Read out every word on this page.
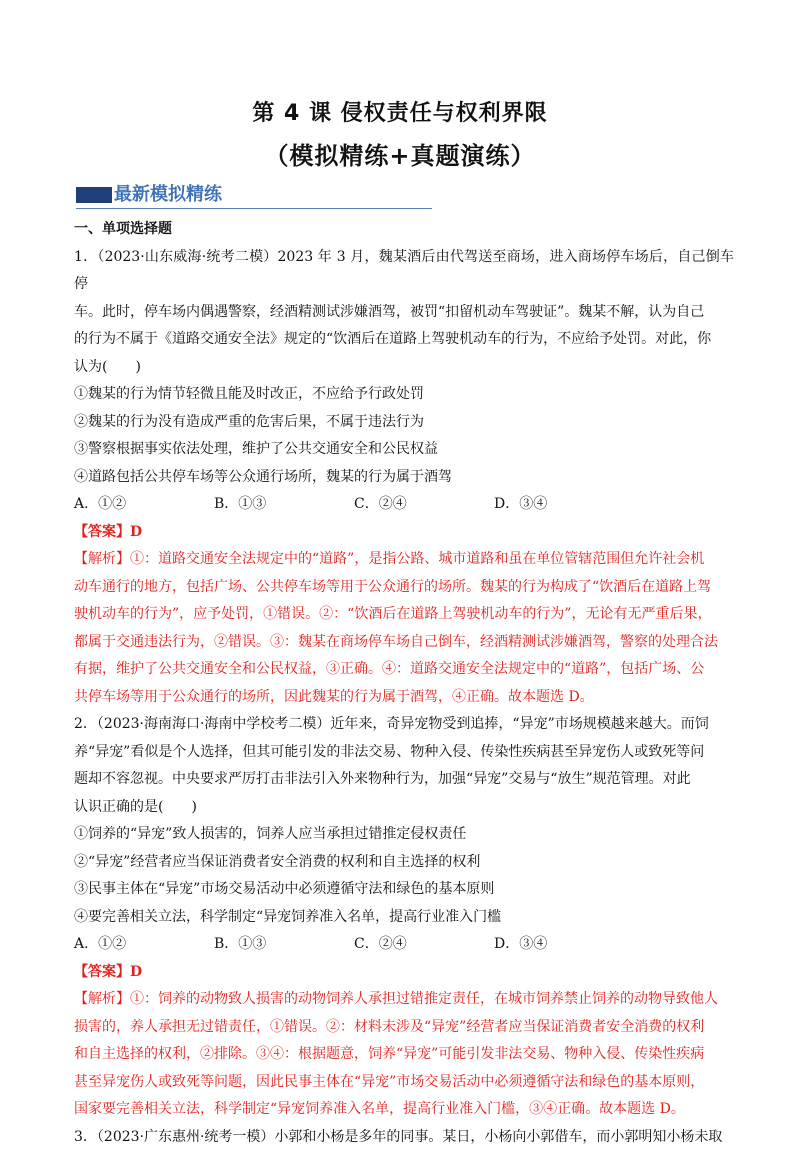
第 4 课 侵权责任与权利界限
（模拟精练+真题演练）
最新模拟精练

一、单项选择题

1．（2023·山东威海·统考二模）2023 年 3 月，魏某酒后由代驾送至商场，进入商场停车场后，自己倒车停

车。此时，停车场内偶遇警察，经酒精测试涉嫌酒驾，被罚“扣留机动车驾驶证”。魏某不解，认为自己

的行为不属于《道路交通安全法》规定的“饮酒后在道路上驾驶机动车的行为，不应给予处罚。对此，你

认为(　　)

①魏某的行为情节轻微且能及时改正，不应给予行政处罚

②魏某的行为没有造成严重的危害后果，不属于违法行为

③警察根据事实依法处理，维护了公共交通安全和公民权益

④道路包括公共停车场等公众通行场所，魏某的行为属于酒驾

A．①②	B．①③	C．②④	D．③④

【答案】D

【解析】①：道路交通安全法规定中的“道路”，是指公路、城市道路和虽在单位管辖范围但允许社会机

动车通行的地方，包括广场、公共停车场等用于公众通行的场所。魏某的行为构成了“饮酒后在道路上驾

驶机动车的行为”，应予处罚，①错误。②：“饮酒后在道路上驾驶机动车的行为”，无论有无严重后果，

都属于交通违法行为，②错误。③：魏某在商场停车场自己倒车，经酒精测试涉嫌酒驾，警察的处理合法

有据，维护了公共交通安全和公民权益，③正确。④：道路交通安全法规定中的“道路”，包括广场、公

共停车场等用于公众通行的场所，因此魏某的行为属于酒驾，④正确。故本题选 D。

2．（2023·海南海口·海南中学校考二模）近年来，奇异宠物受到追捧，“异宠”市场规模越来越大。而饲

养“异宠”看似是个人选择，但其可能引发的非法交易、物种入侵、传染性疾病甚至异宠伤人或致死等问

题却不容忽视。中央要求严厉打击非法引入外来物种行为，加强“异宠”交易与“放生”规范管理。对此

认识正确的是(　　)

①饲养的“异宠”致人损害的，饲养人应当承担过错推定侵权责任

②“异宠”经营者应当保证消费者安全消费的权利和自主选择的权利

③民事主体在“异宠”市场交易活动中必须遵循守法和绿色的基本原则

④要完善相关立法，科学制定“异宠饲养准入名单，提高行业准入门槛

A．①②	B．①③	C．②④	D．③④

【答案】D

【解析】①：饲养的动物致人损害的动物饲养人承担过错推定责任，在城市饲养禁止饲养的动物导致他人

损害的，养人承担无过错责任，①错误。②：材料未涉及“异宠”经营者应当保证消费者安全消费的权利

和自主选择的权利，②排除。③④：根据题意，饲养“异宠”可能引发非法交易、物种入侵、传染性疾病

甚至异宠伤人或致死等问题，因此民事主体在“异宠”市场交易活动中必须遵循守法和绿色的基本原则，

国家要完善相关立法，科学制定“异宠饲养准入名单，提高行业准入门槛，③④正确。故本题选 D。

3．（2023·广东惠州·统考一模）小郭和小杨是多年的同事。某日，小杨向小郭借车，而小郭明知小杨未取
